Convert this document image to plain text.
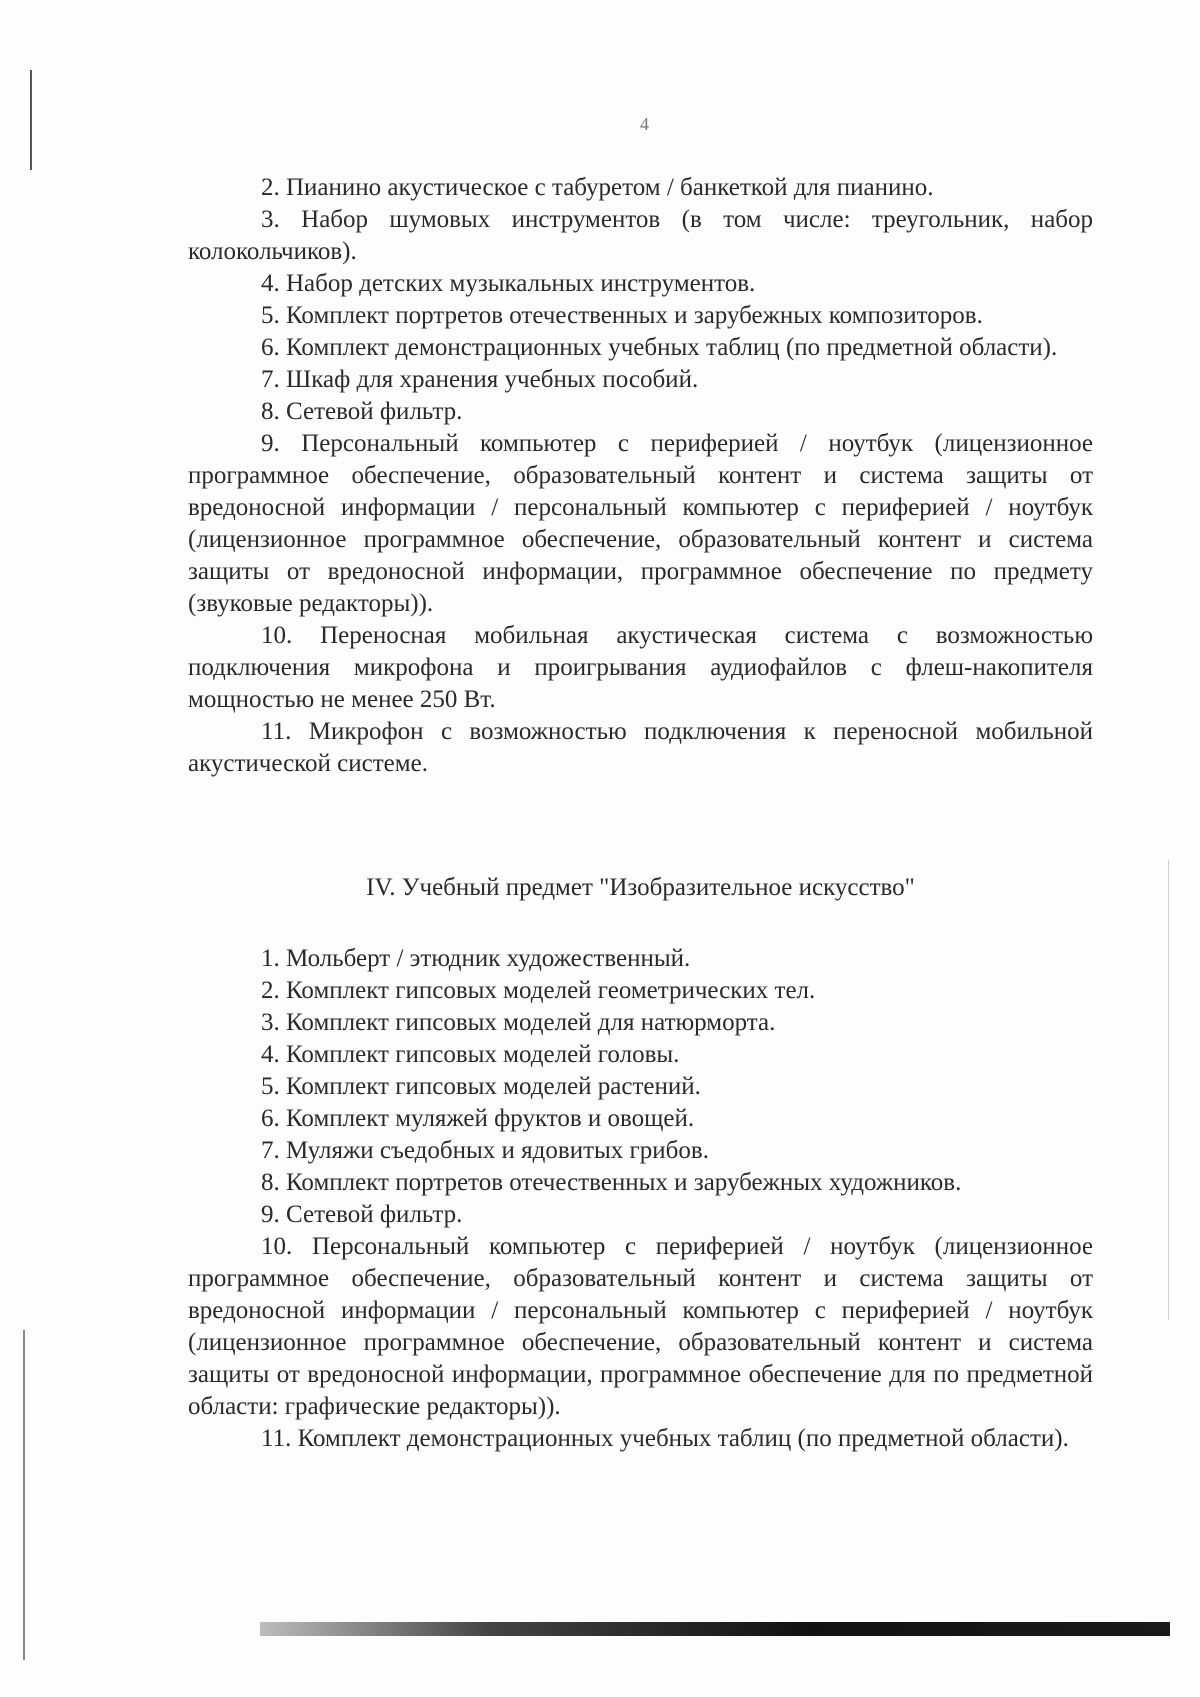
4

2. Пианино акустическое с табуретом / банкеткой для пианино.

3. Набор шумовых инструментов (в том числе: треугольник, набор колокольчиков).

4. Набор детских музыкальных инструментов.

5. Комплект портретов отечественных и зарубежных композиторов.

6. Комплект демонстрационных учебных таблиц (по предметной области).

7. Шкаф для хранения учебных пособий.

8. Сетевой фильтр.

9. Персональный компьютер с периферией / ноутбук (лицензионное программное обеспечение, образовательный контент и система защиты от вредоносной информации / персональный компьютер с периферией / ноутбук (лицензионное программное обеспечение, образовательный контент и система защиты от вредоносной информации, программное обеспечение по предмету (звуковые редакторы)).

10. Переносная мобильная акустическая система с возможностью подключения микрофона и проигрывания аудиофайлов с флеш-накопителя мощностью не менее 250 Вт.

11. Микрофон с возможностью подключения к переносной мобильной акустической системе.

IV. Учебный предмет "Изобразительное искусство"

1. Мольберт / этюдник художественный.

2. Комплект гипсовых моделей геометрических тел.

3. Комплект гипсовых моделей для натюрморта.

4. Комплект гипсовых моделей головы.

5. Комплект гипсовых моделей растений.

6. Комплект муляжей фруктов и овощей.

7. Муляжи съедобных и ядовитых грибов.

8. Комплект портретов отечественных и зарубежных художников.

9. Сетевой фильтр.

10. Персональный компьютер с периферией / ноутбук (лицензионное программное обеспечение, образовательный контент и система защиты от вредоносной информации / персональный компьютер с периферией / ноутбук (лицензионное программное обеспечение, образовательный контент и система защиты от вредоносной информации, программное обеспечение для по предметной области: графические редакторы)).

11. Комплект демонстрационных учебных таблиц (по предметной области).
